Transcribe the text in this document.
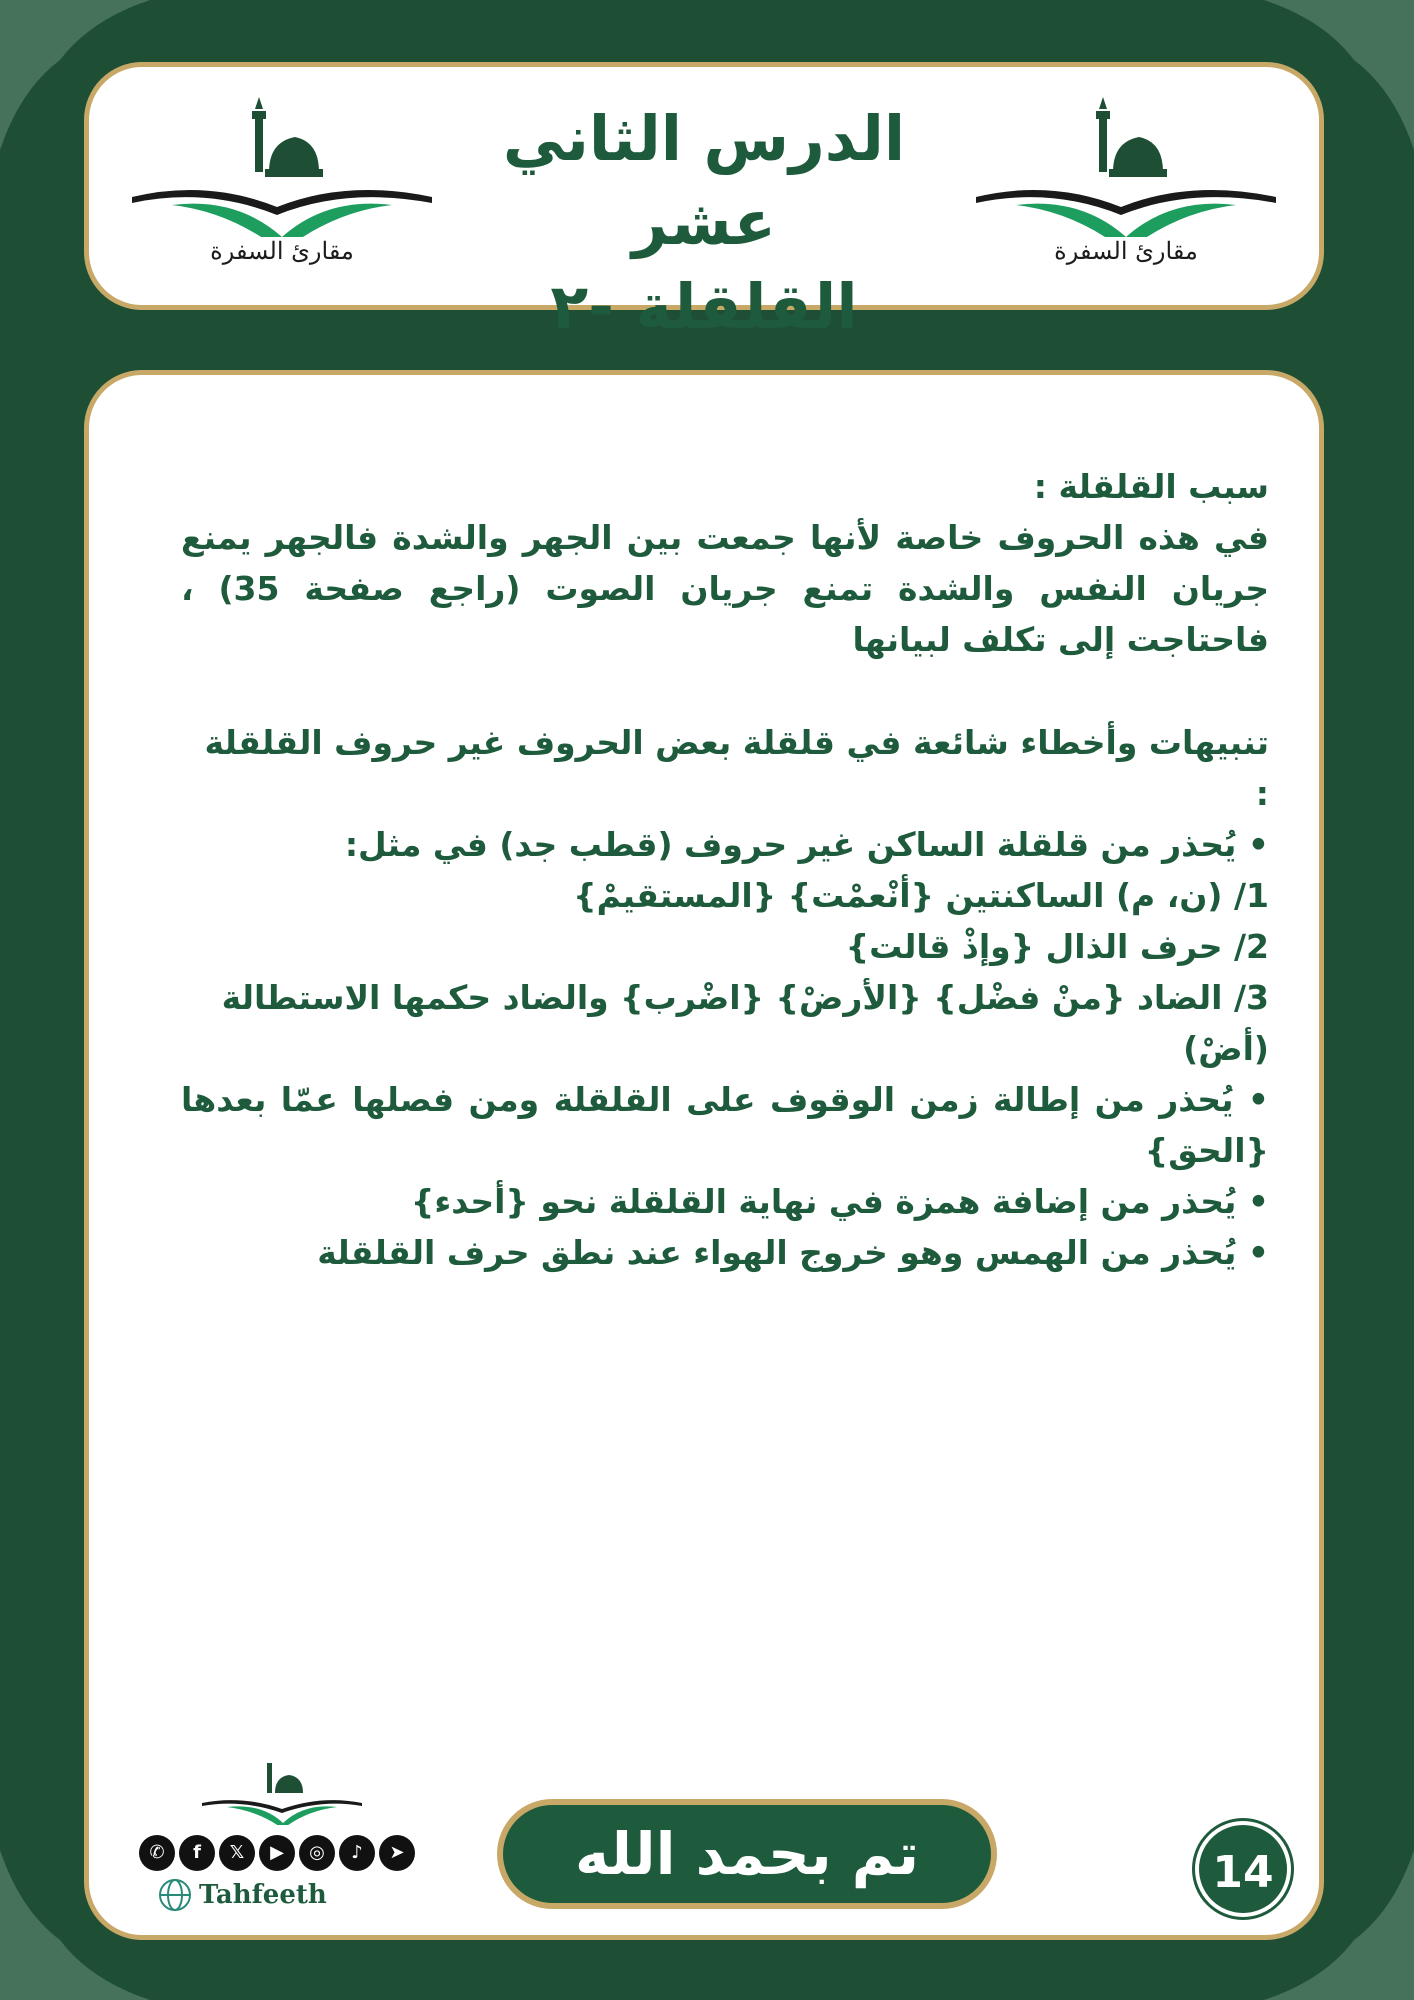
مقارئ السفرة
الدرس الثاني عشر
القلقلة -٢
مقارئ السفرة

سبب القلقلة :

في هذه الحروف خاصة لأنها جمعت بين الجهر والشدة فالجهر يمنع جريان النفس والشدة تمنع جريان الصوت (راجع صفحة 35) ، فاحتاجت إلى تكلف لبيانها

تنبيهات وأخطاء شائعة في قلقلة بعض الحروف غير حروف القلقلة :

• يُحذر من قلقلة الساكن غير حروف (قطب جد) في مثل:

1/ (ن، م) الساكنتين {أنْعمْت} {المستقيمْ}

2/ حرف الذال {وإذْ قالت}

3/ الضاد {منْ فضْل} {الأرضْ} {اضْرب} والضاد حكمها الاستطالة (أضْ)

• يُحذر من إطالة زمن الوقوف على القلقلة ومن فصلها عمّا بعدها {الحق}

• يُحذر من إضافة همزة في نهاية القلقلة نحو {أحدء}

• يُحذر من الهمس وهو خروج الهواء عند نطق حرف القلقلة

تم بحمد الله	14
✆	f	𝕏	▶	◎	♪	➤
Tahfeeth
